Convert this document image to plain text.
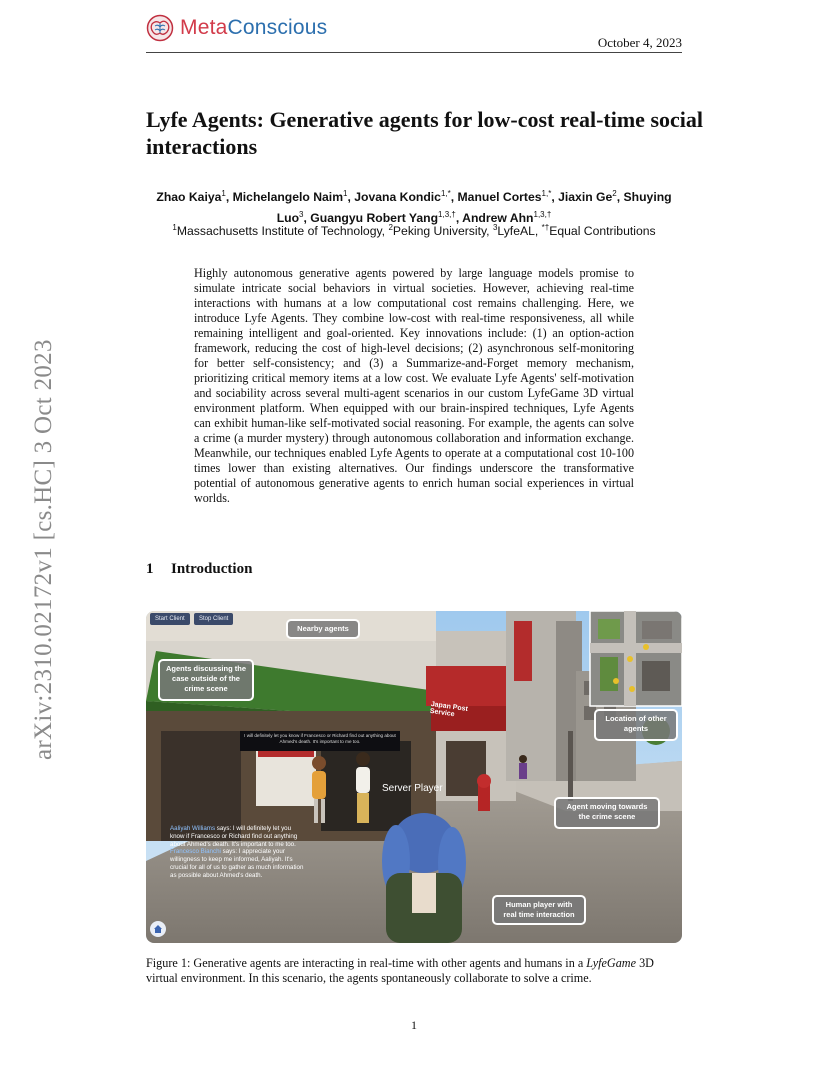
MetaConscious
October 4, 2023
arXiv:2310.02172v1 [cs.HC] 3 Oct 2023
Lyfe Agents: Generative agents for low-cost real-time social interactions
Zhao Kaiya$^1$, Michelangelo Naim$^1$, Jovana Kondic$^{1,*}$, Manuel Cortes$^{1,*}$, Jiaxin Ge$^2$, Shuying Luo$^3$, Guangyu Robert Yang$^{1,3,\dagger}$, Andrew Ahn$^{1,3,\dagger}$
$^1$Massachusetts Institute of Technology, $^2$Peking University, $^3$LyfeAL, *†Equal Contributions
Highly autonomous generative agents powered by large language models promise to simulate intricate social behaviors in virtual societies. However, achieving real-time interactions with humans at a low computational cost remains challenging. Here, we introduce Lyfe Agents. They combine low-cost with real-time responsiveness, all while remaining intelligent and goal-oriented. Key innovations include: (1) an option-action framework, reducing the cost of high-level decisions; (2) asynchronous self-monitoring for better self-consistency; and (3) a Summarize-and-Forget memory mechanism, prioritizing critical memory items at a low cost. We evaluate Lyfe Agents' self-motivation and sociability across several multi-agent scenarios in our custom LyfeGame 3D virtual environment platform. When equipped with our brain-inspired techniques, Lyfe Agents can exhibit human-like self-motivated social reasoning. For example, the agents can solve a crime (a murder mystery) through autonomous collaboration and information exchange. Meanwhile, our techniques enabled Lyfe Agents to operate at a computational cost 10-100 times lower than existing alternatives. Our findings underscore the transformative potential of autonomous generative agents to enrich human social experiences in virtual worlds.
1 Introduction
Start Client	Stop Client
Nearby agents
Agents discussing the case outside of the crime scene
Location of other agents
Agent moving towards the crime scene
Human player with real time interaction
Japan Post Service
I will definitely let you know if Francesco or Richard find out anything about Ahmed's death. It's important to me too.
Server Player
Aaliyah Williams says: I will definitely let you know if Francesco or Richard find out anything about Ahmed's death. It's important to me too.
Francesco Bianchi says: I appreciate your willingness to keep me informed, Aaliyah. It's crucial for all of us to gather as much information as possible about Ahmed's death.
Figure 1: Generative agents are interacting in real-time with other agents and humans in a LyfeGame 3D virtual environment. In this scenario, the agents spontaneously collaborate to solve a crime.
1
